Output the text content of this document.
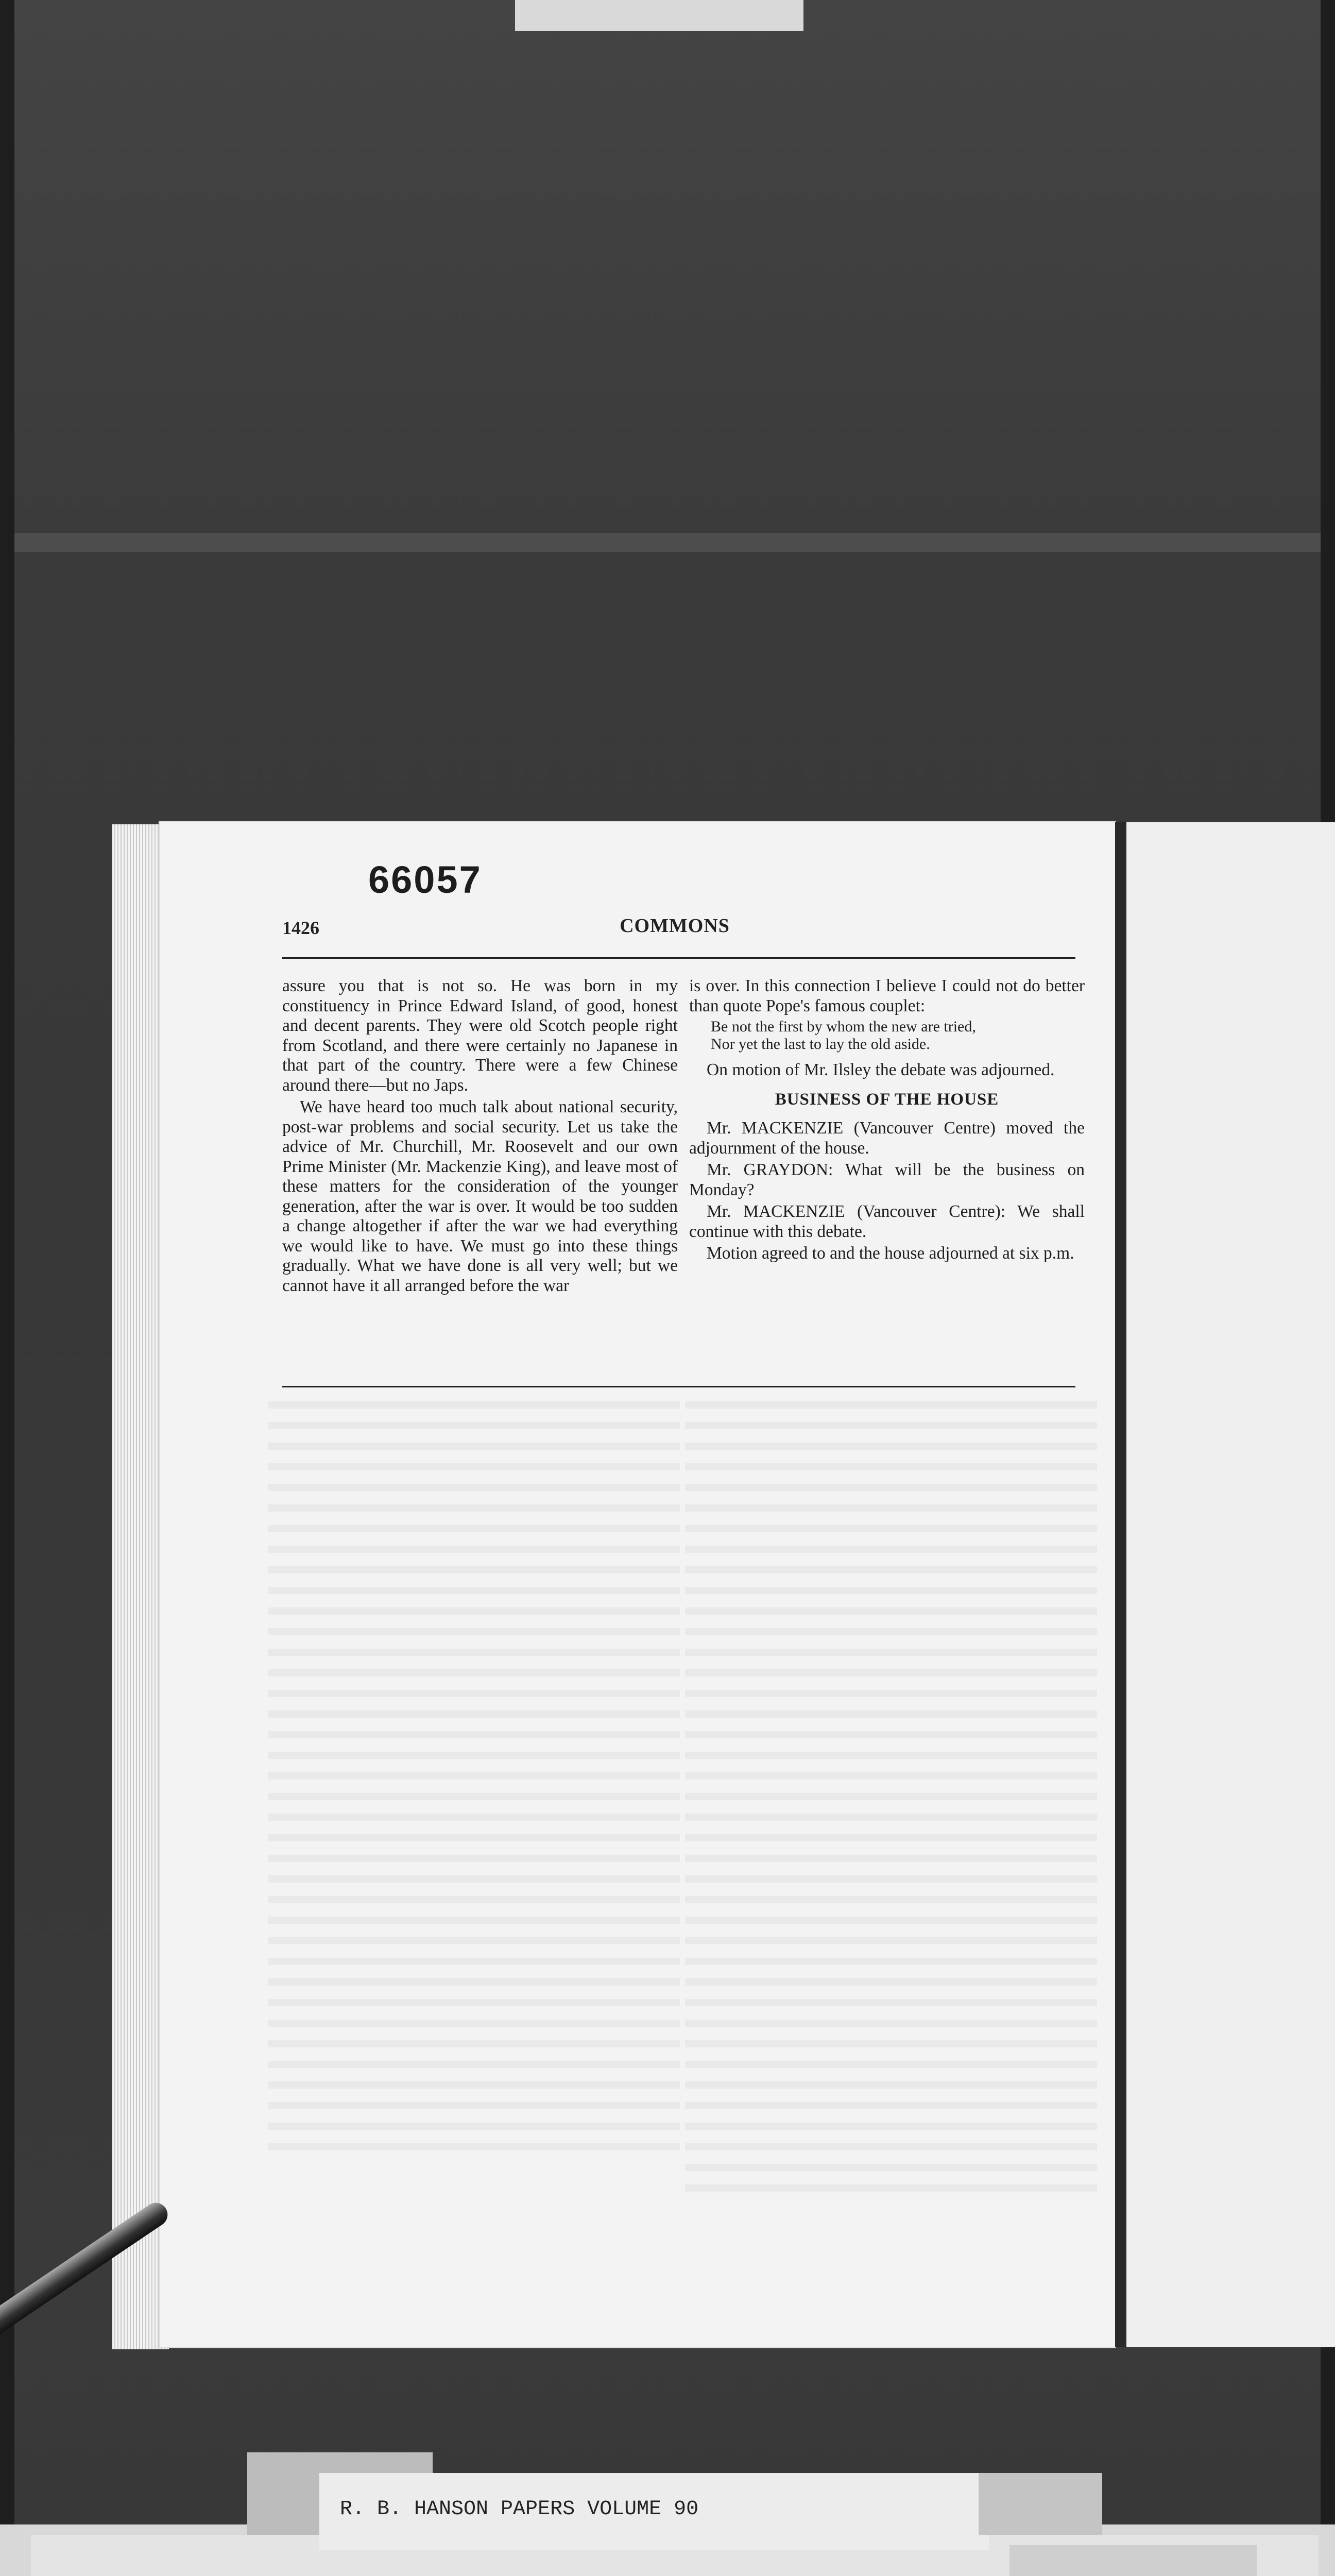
66057
1426	COMMONS

assure you that is not so. He was born in my constituency in Prince Edward Island, of good, honest and decent parents. They were old Scotch people right from Scotland, and there were certainly no Japanese in that part of the country. There were a few Chinese around there—but no Japs.

We have heard too much talk about national security, post-war problems and social security. Let us take the advice of Mr. Churchill, Mr. Roosevelt and our own Prime Minister (Mr. Mackenzie King), and leave most of these matters for the consideration of the younger generation, after the war is over. It would be too sudden a change altogether if after the war we had everything we would like to have. We must go into these things gradually. What we have done is all very well; but we cannot have it all arranged before the war

is over. In this connection I believe I could not do better than quote Pope's famous couplet:

Be not the first by whom the new are tried,
Nor yet the last to lay the old aside.

On motion of Mr. Ilsley the debate was adjourned.

BUSINESS OF THE HOUSE

Mr. MACKENZIE (Vancouver Centre) moved the adjournment of the house.

Mr. GRAYDON: What will be the business on Monday?

Mr. MACKENZIE (Vancouver Centre): We shall continue with this debate.

Motion agreed to and the house adjourned at six p.m.

R. B. HANSON PAPERS VOLUME 90
